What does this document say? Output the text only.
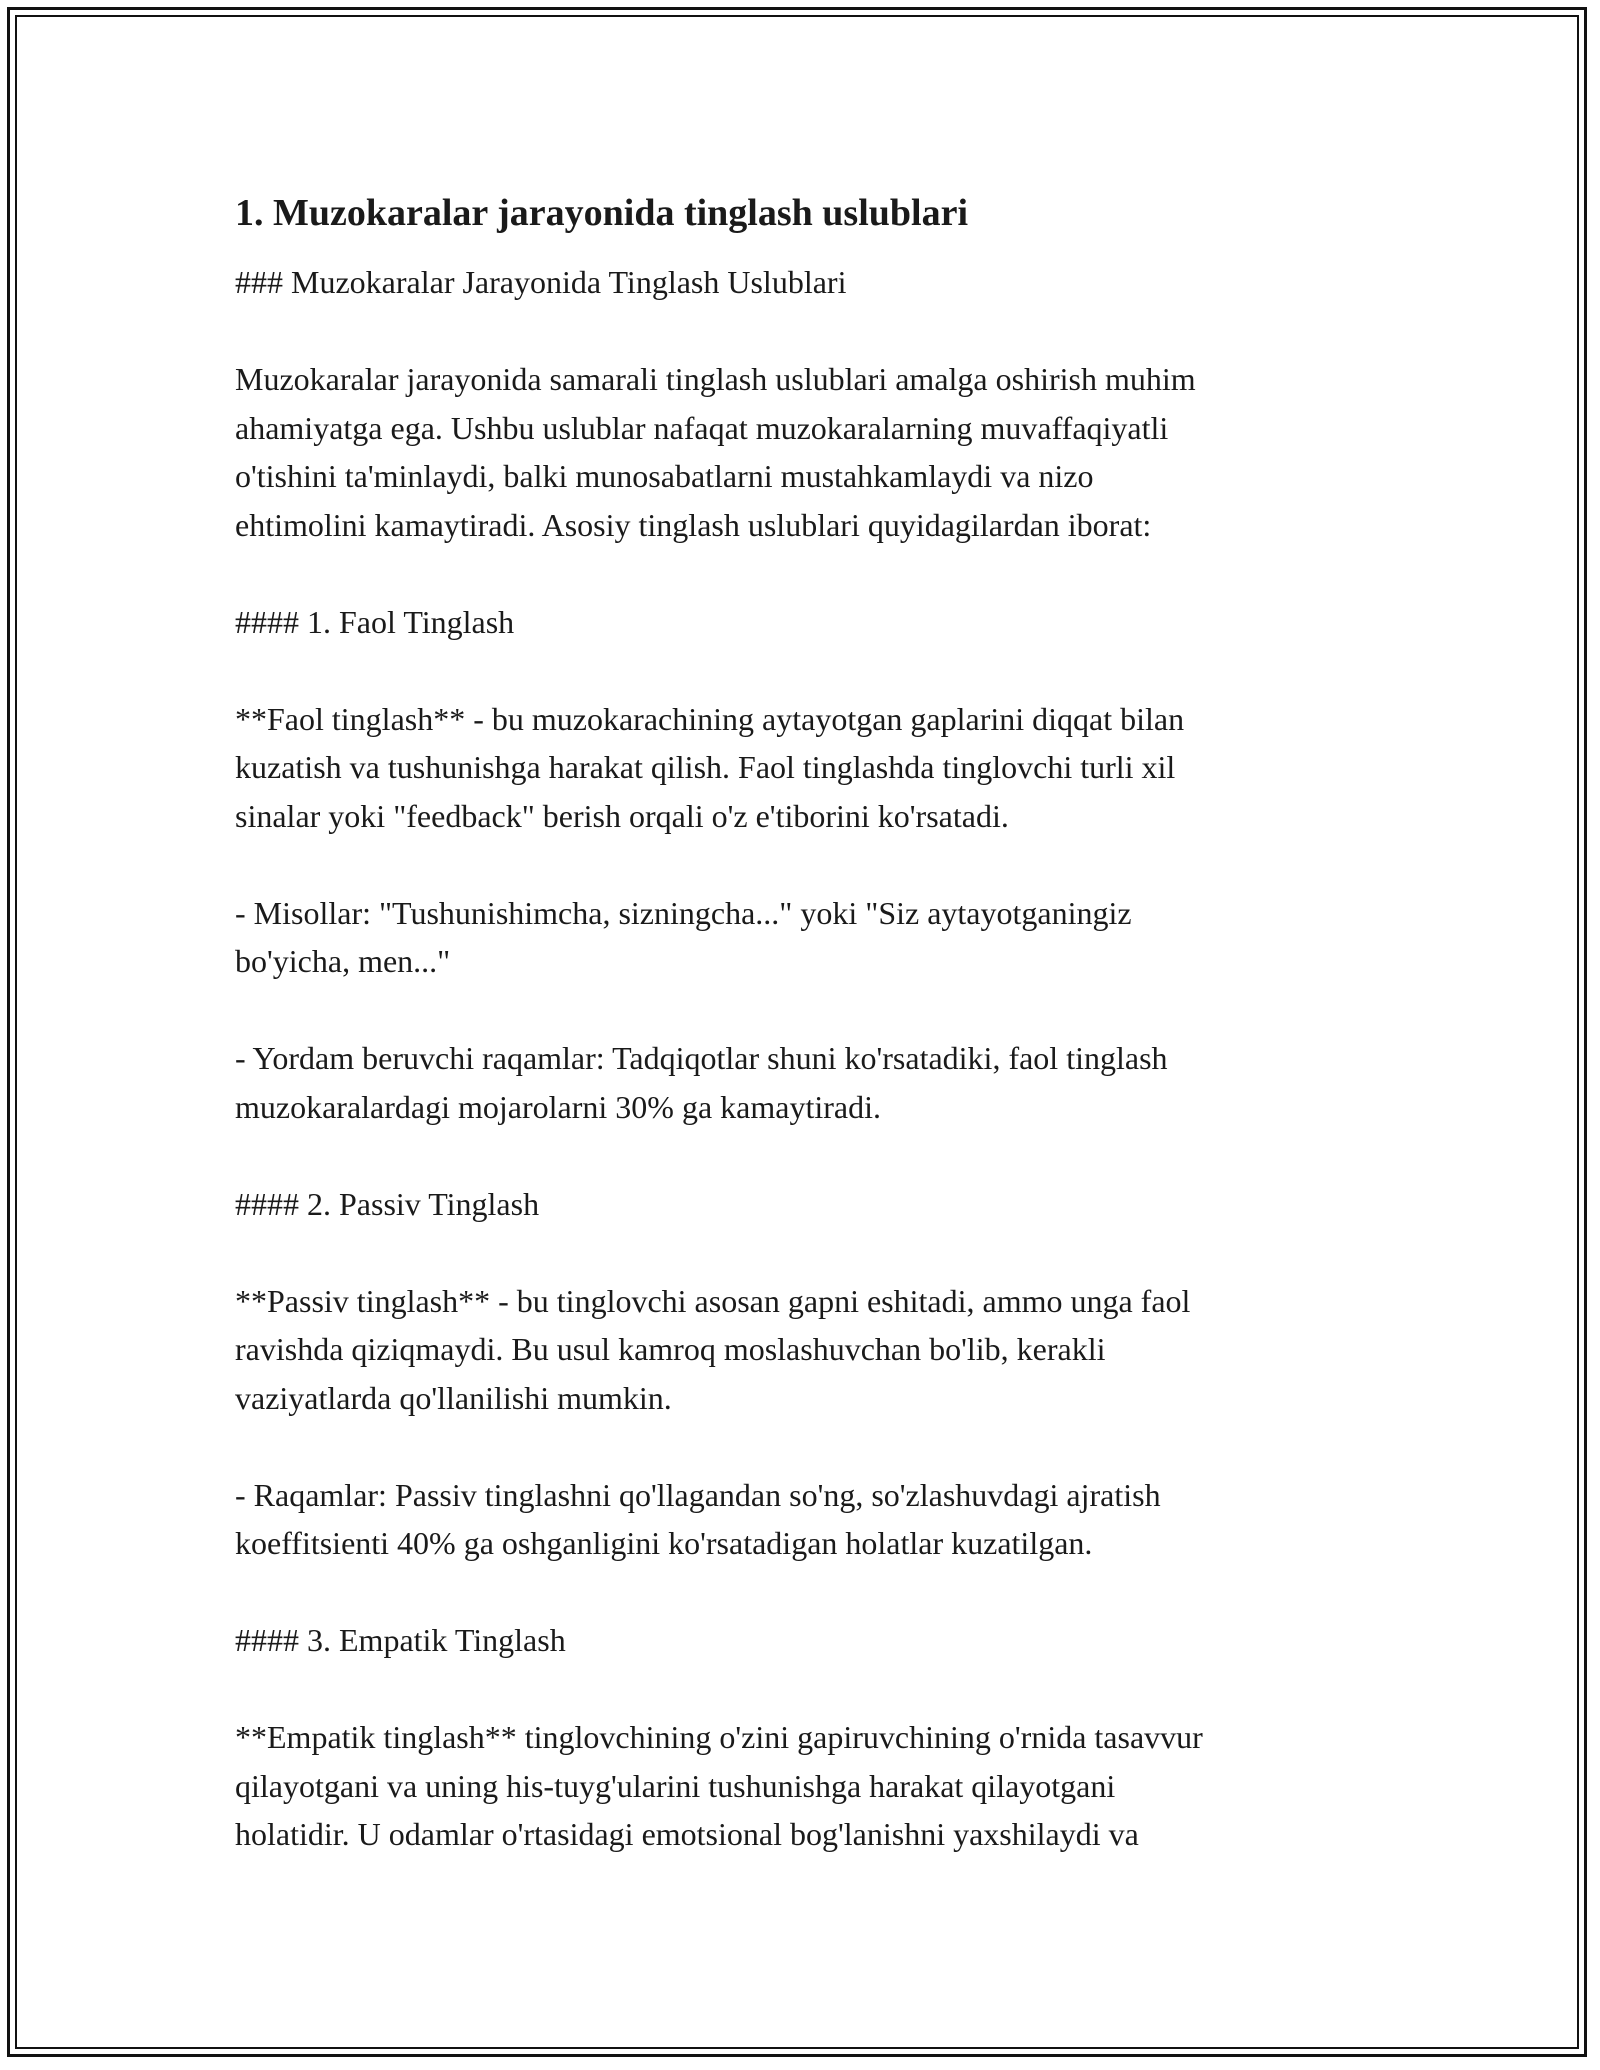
1. Muzokaralar jarayonida tinglash uslublari
### Muzokaralar Jarayonida Tinglash Uslublari
Muzokaralar jarayonida samarali tinglash uslublari amalga oshirish muhim
ahamiyatga ega. Ushbu uslublar nafaqat muzokaralarning muvaffaqiyatli
o'tishini ta'minlaydi, balki munosabatlarni mustahkamlaydi va nizo
ehtimolini kamaytiradi. Asosiy tinglash uslublari quyidagilardan iborat:
#### 1. Faol Tinglash
**Faol tinglash** - bu muzokarachining aytayotgan gaplarini diqqat bilan
kuzatish va tushunishga harakat qilish. Faol tinglashda tinglovchi turli xil
sinalar yoki "feedback" berish orqali o'z e'tiborini ko'rsatadi.
- Misollar: "Tushunishimcha, sizningcha..." yoki "Siz aytayotganingiz
bo'yicha, men..."
- Yordam beruvchi raqamlar: Tadqiqotlar shuni ko'rsatadiki, faol tinglash
muzokaralardagi mojarolarni 30% ga kamaytiradi.
#### 2. Passiv Tinglash
**Passiv tinglash** - bu tinglovchi asosan gapni eshitadi, ammo unga faol
ravishda qiziqmaydi. Bu usul kamroq moslashuvchan bo'lib, kerakli
vaziyatlarda qo'llanilishi mumkin.
- Raqamlar: Passiv tinglashni qo'llagandan so'ng, so'zlashuvdagi ajratish
koeffitsienti 40% ga oshganligini ko'rsatadigan holatlar kuzatilgan.
#### 3. Empatik Tinglash
**Empatik tinglash** tinglovchining o'zini gapiruvchining o'rnida tasavvur
qilayotgani va uning his-tuyg'ularini tushunishga harakat qilayotgani
holatidir. U odamlar o'rtasidagi emotsional bog'lanishni yaxshilaydi va
